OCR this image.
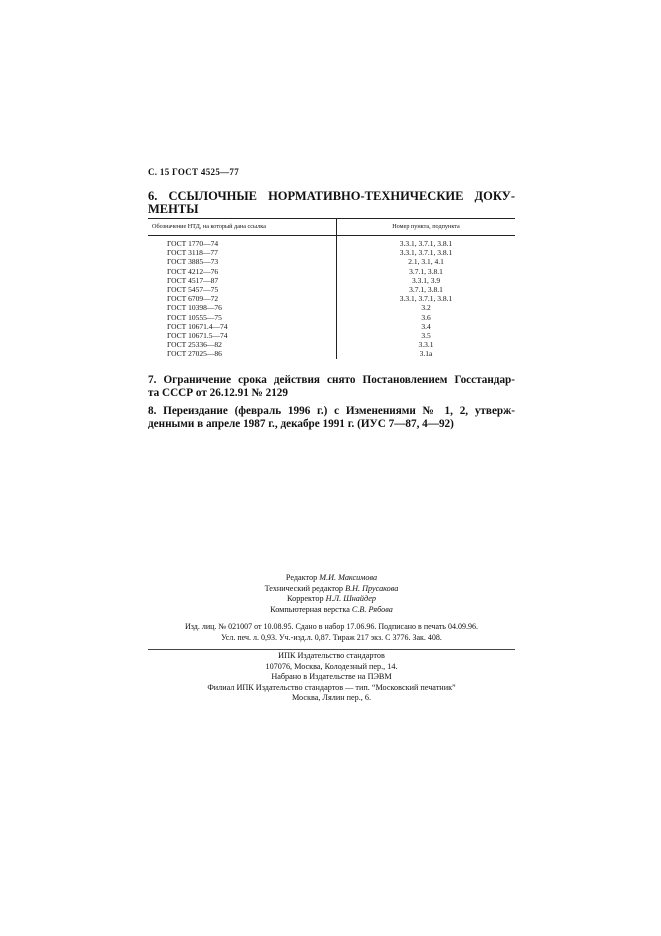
С. 15 ГОСТ 4525—77
6. ССЫЛОЧНЫЕ НОРМАТИВНО-ТЕХНИЧЕСКИЕ ДОКУ-
МЕНТЫ
Обозначение НТД, на который дана ссылка	Номер пункта, подпункта
ГОСТ 1770—74	3.3.1, 3.7.1, 3.8.1
ГОСТ 3118—77	3.3.1, 3.7.1, 3.8.1
ГОСТ 3885—73	2.1, 3.1, 4.1
ГОСТ 4212—76	3.7.1, 3.8.1
ГОСТ 4517—87	3.3.1, 3.9
ГОСТ 5457—75	3.7.1, 3.8.1
ГОСТ 6709—72	3.3.1, 3.7.1, 3.8.1
ГОСТ 10398—76	3.2
ГОСТ 10555—75	3.6
ГОСТ 10671.4—74	3.4
ГОСТ 10671.5—74	3.5
ГОСТ 25336—82	3.3.1
ГОСТ 27025—86	3.1а
7. Ограничение срока действия снято Постановлением Госстандар-
та СССР от 26.12.91 № 2129
8. Переиздание (февраль 1996 г.) с Изменениями № 1, 2, утверж-
денными в апреле 1987 г., декабре 1991 г. (ИУС 7—87, 4—92)
Редактор М.И. Максимова
Технический редактор В.Н. Прусакова
Корректор Н.Л. Шнайдер
Компьютерная верстка С.В. Рябова
Изд. лиц. № 021007 от 10.08.95. Сдано в набор 17.06.96. Подписано в печать 04.09.96.
Усл. печ. л. 0,93. Уч.-изд.л. 0,87. Тираж 217 экз. С 3776. Зак. 408.
ИПК Издательство стандартов
107076, Москва, Колодезный пер., 14.
Набрано в Издательстве на ПЭВМ
Филиал ИПК Издательство стандартов — тип. “Московский печатник”
Москва, Лялин пер., 6.
